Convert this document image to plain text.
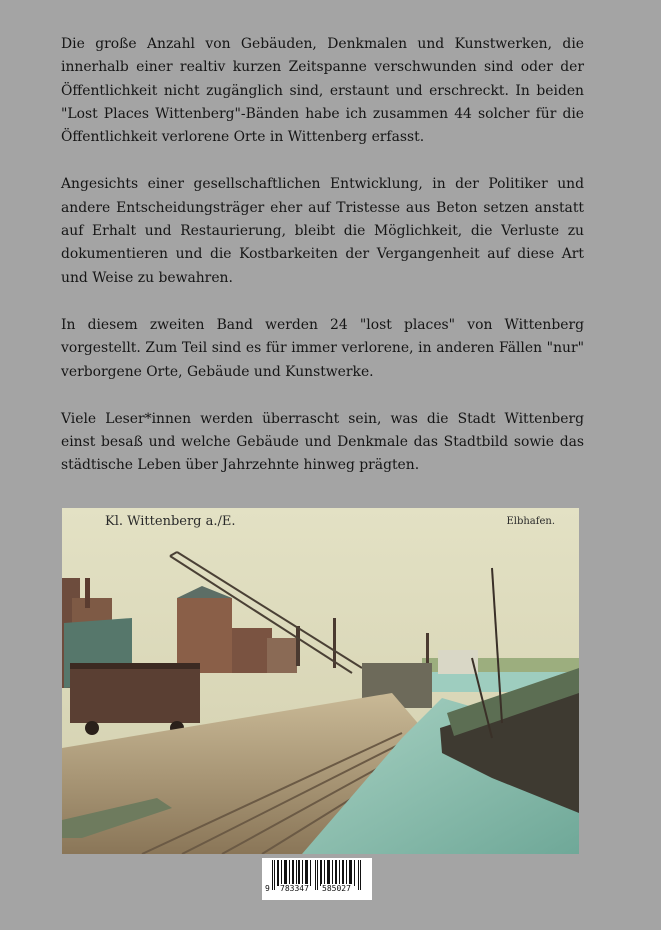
Die große Anzahl von Gebäuden, Denkmalen und Kunstwerken, die innerhalb einer realtiv kurzen Zeitspanne verschwunden sind oder der Öffentlichkeit nicht zugänglich sind, erstaunt und erschreckt. In beiden "Lost Places Wittenberg"-Bänden habe ich zusammen 44 solcher für die Öffentlichkeit verlorene Orte in Wittenberg erfasst.

Angesichts einer gesellschaftlichen Entwicklung, in der Politiker und andere Entscheidungsträger eher auf Tristesse aus Beton setzen anstatt auf Erhalt und Restaurierung, bleibt die Möglichkeit, die Verluste zu dokumentieren und die Kostbarkeiten der Vergangenheit auf diese Art und Weise zu bewahren.

In diesem zweiten Band werden 24 "lost places" von Wittenberg vorgestellt. Zum Teil sind es für immer verlorene, in anderen Fällen "nur" verborgene Orte, Gebäude und Kunstwerke.

Viele Leser*innen werden überrascht sein, was die Stadt Wittenberg einst besaß und welche Gebäude und Denkmale das Stadtbild sowie das städtische Leben über Jahrzehnte hinweg prägten.

Kl. Wittenberg a./E.	Elbhafen.
9 783347 585027
